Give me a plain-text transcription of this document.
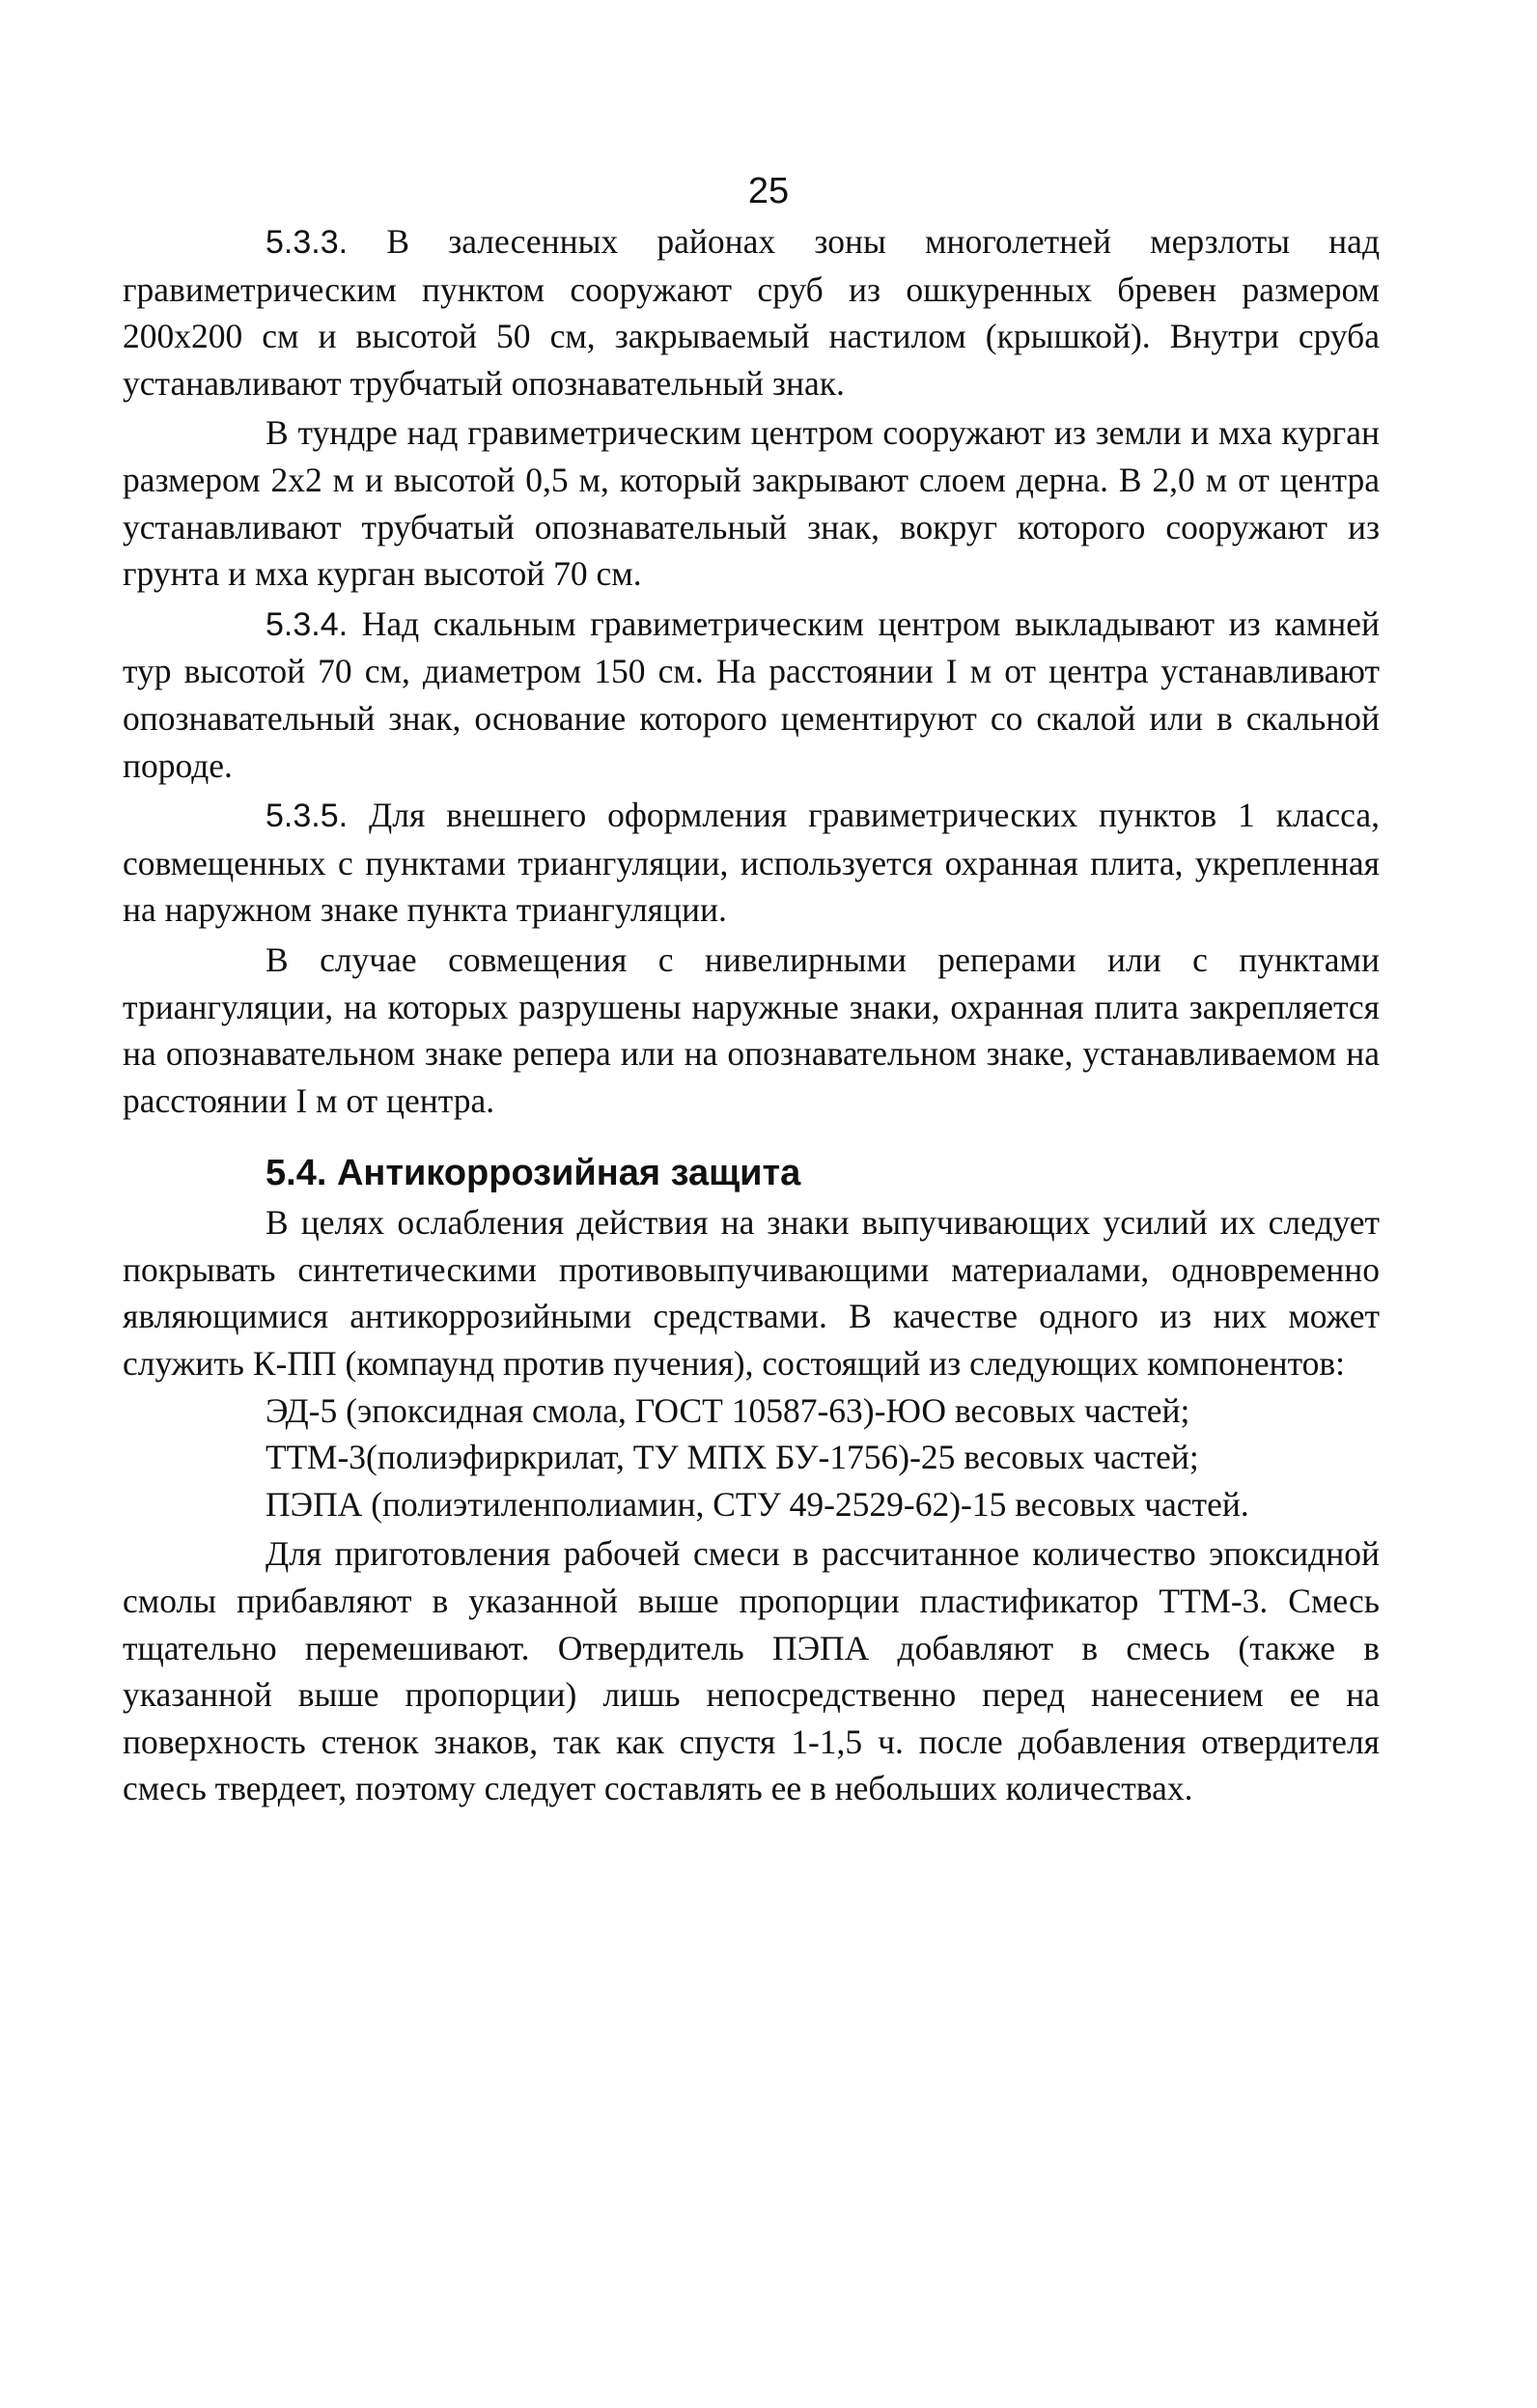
25

5.3.3. В залесенных районах зоны многолетней мерзлоты над гравиметрическим пунктом сооружают сруб из ошкуренных бревен размером 200х200 см и высотой 50 см, закрываемый настилом (крышкой). Внутри сруба устанавливают трубчатый опознавательный знак.

В тундре над гравиметрическим центром сооружают из земли и мха курган размером 2х2 м и высотой 0,5 м, который закрывают слоем дерна. В 2,0 м от центра устанавливают трубчатый опознавательный знак, вокруг которого сооружают из грунта и мха курган высотой 70 см.

5.3.4. Над скальным гравиметрическим центром выкладывают из камней тур высотой 70 см, диаметром 150 см. На расстоянии I м от центра устанавливают опознавательный знак, основание которого цементируют со скалой или в скальной породе.

5.3.5. Для внешнего оформления гравиметрических пунктов 1 класса, совмещенных с пунктами триангуляции, используется охранная плита, укрепленная на наружном знаке пункта триангуляции.

В случае совмещения с нивелирными реперами или с пунктами триангуляции, на которых разрушены наружные знаки, охранная плита закрепляется на опознавательном знаке репера или на опознавательном знаке, устанавливаемом на расстоянии I м от центра.

5.4. Антикоррозийная защита

В целях ослабления действия на знаки выпучивающих усилий их следует покрывать синтетическими противовыпучивающими материалами, одновременно являющимися антикоррозийными средствами. В качестве одного из них может служить К-ПП (компаунд против пучения), состоящий из следующих компонентов:

ЭД-5 (эпоксидная смола, ГОСТ 10587-63)-ЮО весовых частей;
ТТМ-3(полиэфиркрилат, ТУ МПХ БУ-1756)-25 весовых частей;
ПЭПА (полиэтиленполиамин, СТУ 49-2529-62)-15 весовых частей.

Для приготовления рабочей смеси в рассчитанное количество эпоксидной смолы прибавляют в указанной выше пропорции пластификатор ТТМ-3. Смесь тщательно перемешивают. Отвердитель ПЭПА добавляют в смесь (также в указанной выше пропорции) лишь непосредственно перед нанесением ее на поверхность стенок знаков, так как спустя 1-1,5 ч. после добавления отвердителя смесь твердеет, поэтому следует составлять ее в небольших количествах.
